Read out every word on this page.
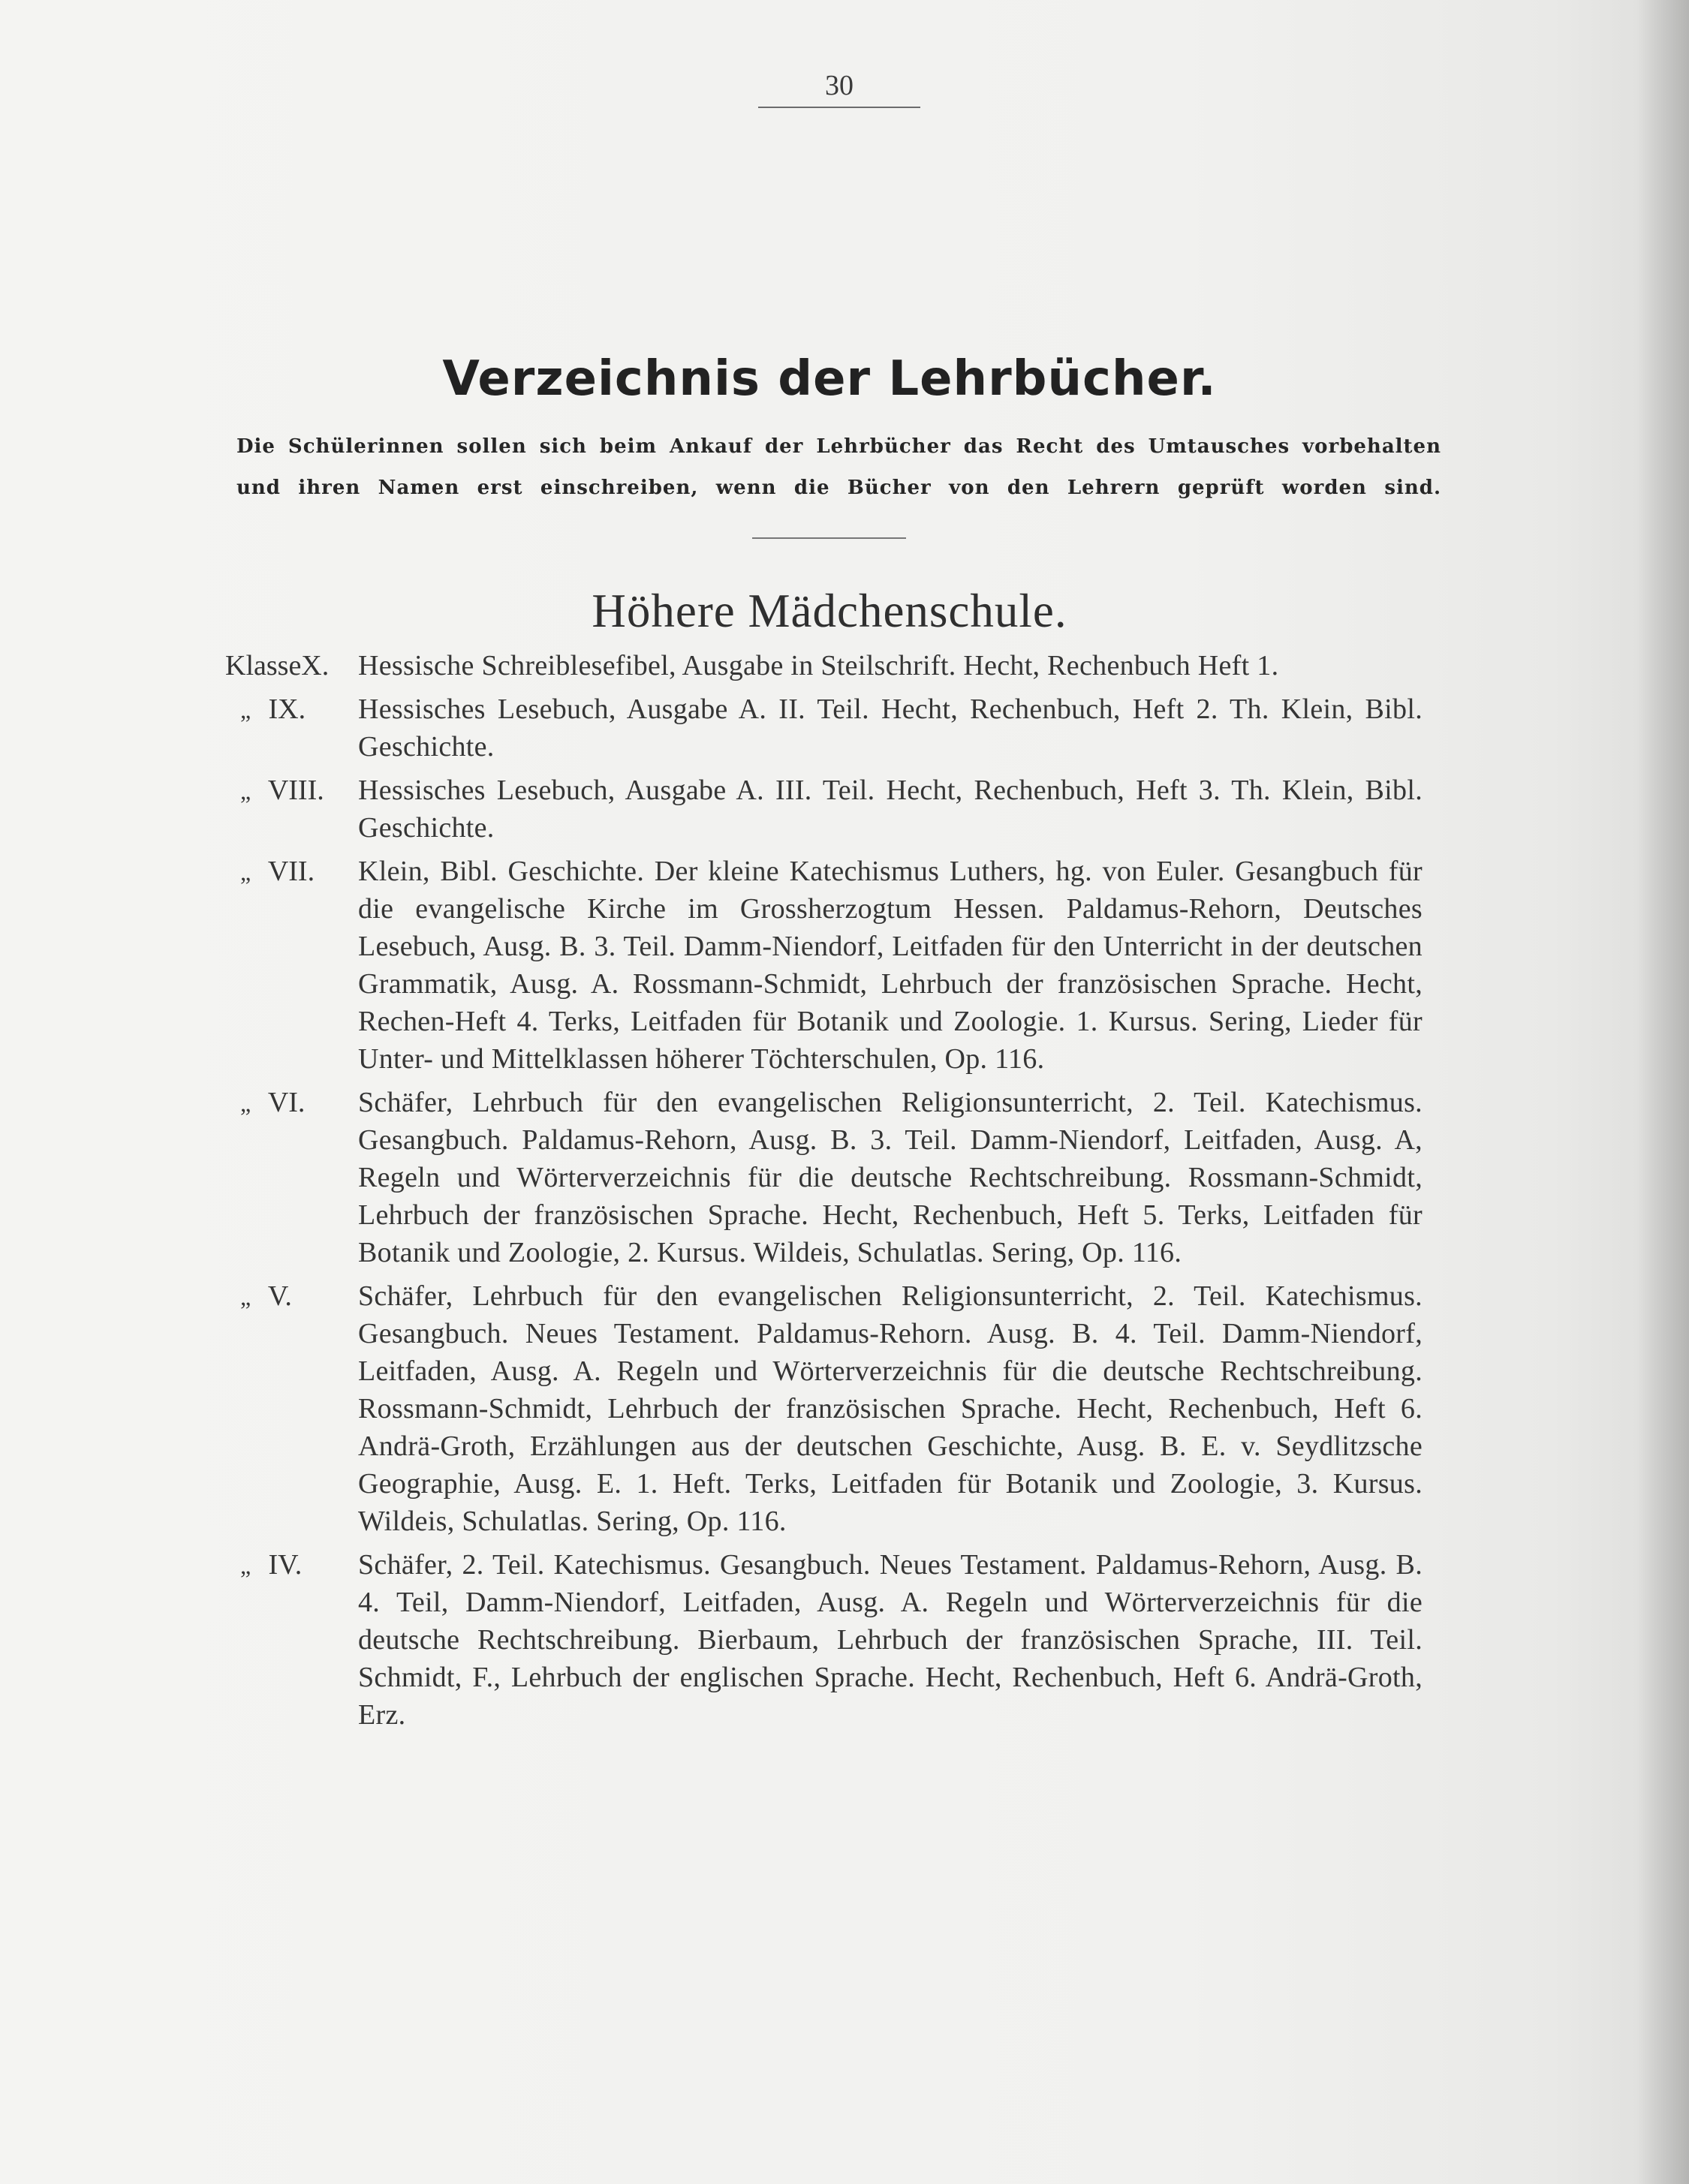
30
Verzeichnis der Lehrbücher.
Die Schülerinnen sollen sich beim Ankauf der Lehrbücher das Recht des Umtausches vorbehalten
und ihren Namen erst einschreiben, wenn die Bücher von den Lehrern geprüft worden sind.
Höhere Mädchenschule.
KlasseX.	Hessische Schreiblesefibel, Ausgabe in Steilschrift. Hecht, Rechenbuch Heft 1.
„ IX.	Hessisches Lesebuch, Ausgabe A. II. Teil. Hecht, Rechenbuch, Heft 2. Th. Klein, Bibl. Geschichte.
„ VIII.	Hessisches Lesebuch, Ausgabe A. III. Teil. Hecht, Rechenbuch, Heft 3. Th. Klein, Bibl. Geschichte.
„ VII.	Klein, Bibl. Geschichte. Der kleine Katechismus Luthers, hg. von Euler. Gesangbuch für die evangelische Kirche im Grossherzogtum Hessen. Paldamus-Rehorn, Deutsches Lesebuch, Ausg. B. 3. Teil. Damm-Niendorf, Leitfaden für den Unterricht in der deutschen Grammatik, Ausg. A. Rossmann-Schmidt, Lehrbuch der französischen Sprache. Hecht, Rechen-Heft 4. Terks, Leitfaden für Botanik und Zoologie. 1. Kursus. Sering, Lieder für Unter- und Mittelklassen höherer Töchterschulen, Op. 116.
„ VI.	Schäfer, Lehrbuch für den evangelischen Religionsunterricht, 2. Teil. Katechismus. Gesangbuch. Paldamus-Rehorn, Ausg. B. 3. Teil. Damm-Niendorf, Leitfaden, Ausg. A, Regeln und Wörterverzeichnis für die deutsche Rechtschreibung. Rossmann-Schmidt, Lehrbuch der französischen Sprache. Hecht, Rechenbuch, Heft 5. Terks, Leitfaden für Botanik und Zoologie, 2. Kursus. Wildeis, Schulatlas. Sering, Op. 116.
„ V.	Schäfer, Lehrbuch für den evangelischen Religionsunterricht, 2. Teil. Katechismus. Gesangbuch. Neues Testament. Paldamus-Rehorn. Ausg. B. 4. Teil. Damm-Niendorf, Leitfaden, Ausg. A. Regeln und Wörterverzeichnis für die deutsche Rechtschreibung. Rossmann-Schmidt, Lehrbuch der französischen Sprache. Hecht, Rechenbuch, Heft 6. Andrä-Groth, Erzählungen aus der deutschen Geschichte, Ausg. B. E. v. Seydlitzsche Geographie, Ausg. E. 1. Heft. Terks, Leitfaden für Botanik und Zoologie, 3. Kursus. Wildeis, Schulatlas. Sering, Op. 116.
„ IV.	Schäfer, 2. Teil. Katechismus. Gesangbuch. Neues Testament. Paldamus-Rehorn, Ausg. B. 4. Teil, Damm-Niendorf, Leitfaden, Ausg. A. Regeln und Wörterverzeichnis für die deutsche Rechtschreibung. Bierbaum, Lehrbuch der französischen Sprache, III. Teil. Schmidt, F., Lehrbuch der englischen Sprache. Hecht, Rechenbuch, Heft 6. Andrä-Groth, Erz.
